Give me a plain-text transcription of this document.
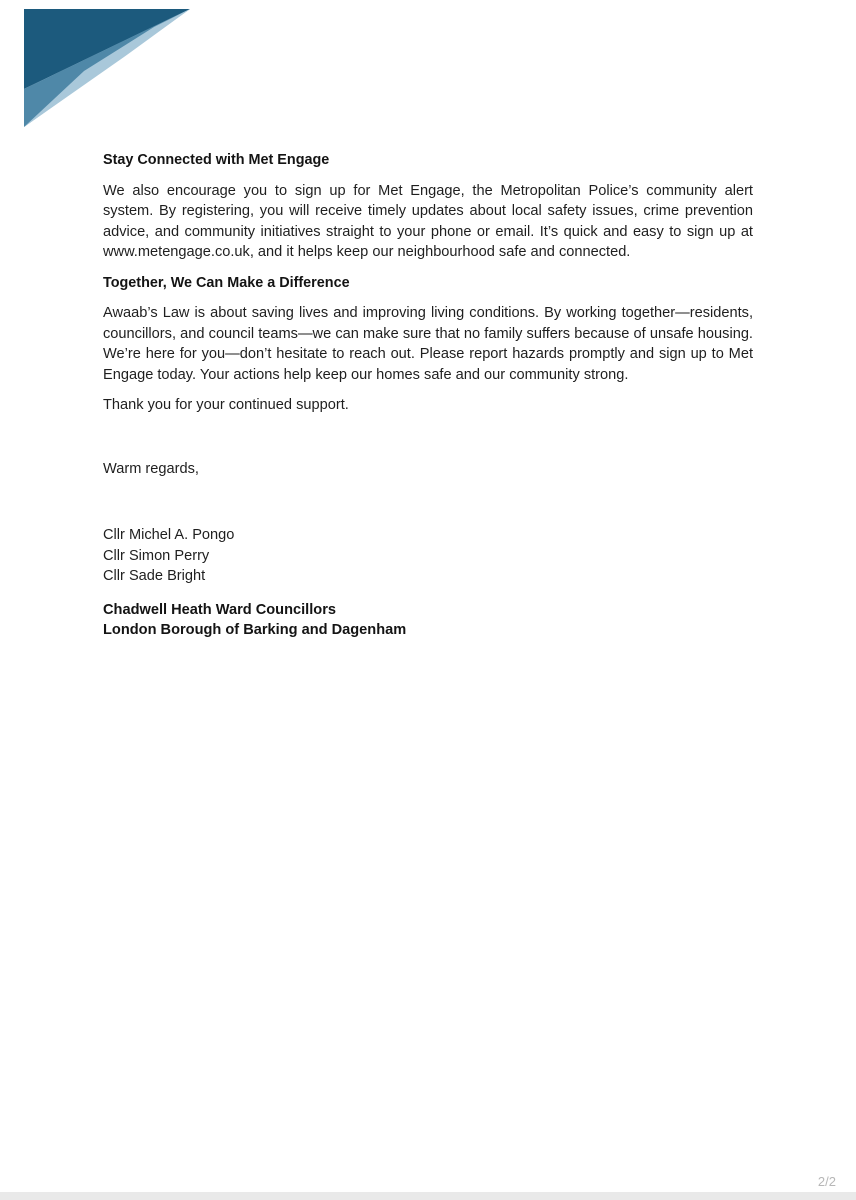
Stay Connected with Met Engage

We also encourage you to sign up for Met Engage, the Metropolitan Police’s community alert system. By registering, you will receive timely updates about local safety issues, crime prevention advice, and community initiatives straight to your phone or email. It’s quick and easy to sign up at www.metengage.co.uk, and it helps keep our neighbourhood safe and connected.

Together, We Can Make a Difference

Awaab’s Law is about saving lives and improving living conditions. By working together—residents, councillors, and council teams—we can make sure that no family suffers because of unsafe housing. We’re here for you—don’t hesitate to reach out. Please report hazards promptly and sign up to Met Engage today. Your actions help keep our homes safe and our community strong.

Thank you for your continued support.

Warm regards,

Cllr Michel A. Pongo
Cllr Simon Perry
Cllr Sade Bright
Chadwell Heath Ward Councillors
London Borough of Barking and Dagenham
2/2
